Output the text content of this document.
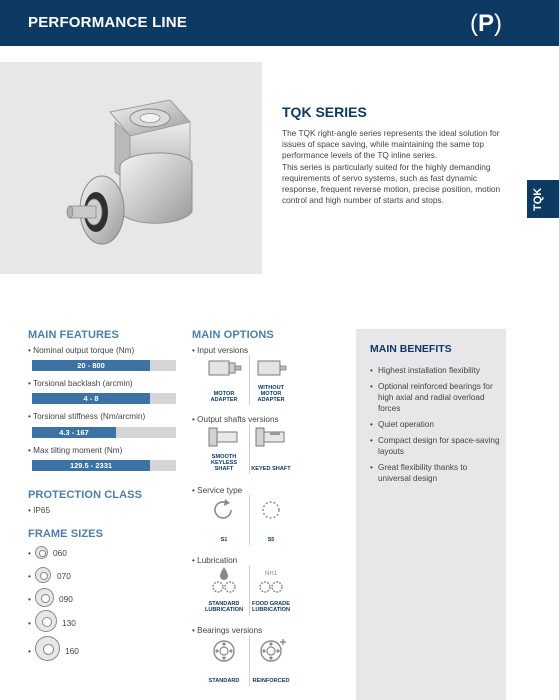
PERFORMANCE LINE	(P)
TQK SERIES

The TQK right-angle series represents the ideal solution for issues of space saving, while maintaining the same top performance levels of the TQ inline series.

This series is particularly suited for the highly demanding requirements of servo systems, such as fast dynamic response, frequent reverse motion, precise position, motion control and high number of starts and stops.	TQK
MAIN FEATURES
• Nominal output torque (Nm)
20 - 800
• Torsional backlash (arcmin)
4 - 8
• Torsional stiffness (Nm/arcmin)
4.3 - 167
• Max tilting moment (Nm)
129.5 - 2331
PROTECTION CLASS
• IP65
FRAME SIZES
•	060
•	070
•	090
•	130
•	160
MAIN OPTIONS
• Input versions
MOTOR ADAPTER
WITHOUT MOTOR ADAPTER
• Output shafts versions
SMOOTH KEYLESS SHAFT	KEYED SHAFT
• Service type
S1	S5
• Lubrication
STANDARD LUBRICATION
NH1
FOOD GRADE LUBRICATION
• Bearings versions
STANDARD	REINFORCED
MAIN BENEFITS
• Highest installation flexibility
• Optional reinforced bearings for high axial and radial overload forces
• Quiet operation
• Compact design for space-saving layouts
• Great flexibility thanks to universal design
